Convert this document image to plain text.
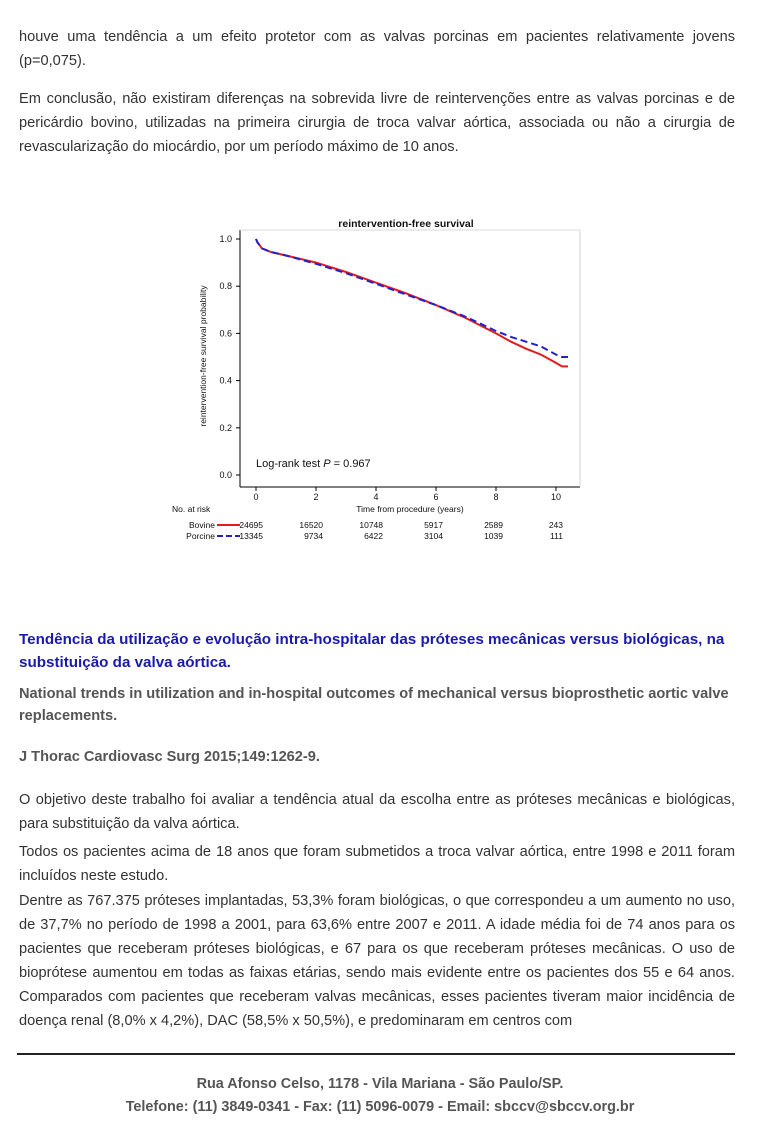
houve uma tendência a um efeito protetor com as valvas porcinas em pacientes relativamente jovens (p=0,075).

Em conclusão, não existiram diferenças na sobrevida livre de reintervenções entre as valvas porcinas e de pericárdio bovino, utilizadas na primeira cirurgia de troca valvar aórtica, associada ou não a cirurgia de revascularização do miocárdio, por um período máximo de 10 anos.

reintervention-free survival
0.0
0.2
0.4
0.6
0.8
1.0
0	2	4	6	8	10
reintervention-free survival probability
Time from procedure (years)
Log-rank test P = 0.967
No. at risk
Bovine	24695	16520	10748	5917	2589	243
Porcine	13345	9734	6422	3104	1039	111

Tendência da utilização e evolução intra-hospitalar das próteses mecânicas versus biológicas, na substituição da valva aórtica.

National trends in utilization and in-hospital outcomes of mechanical versus bioprosthetic aortic valve replacements.

J Thorac Cardiovasc Surg 2015;149:1262-9.

O objetivo deste trabalho foi avaliar a tendência atual da escolha entre as próteses mecânicas e biológicas, para substituição da valva aórtica.

Todos os pacientes acima de 18 anos que foram submetidos a troca valvar aórtica, entre 1998 e 2011 foram incluídos neste estudo.

Dentre as 767.375 próteses implantadas, 53,3% foram biológicas, o que correspondeu a um aumento no uso, de 37,7% no período de 1998 a 2001, para 63,6% entre 2007 e 2011. A idade média foi de 74 anos para os pacientes que receberam próteses biológicas, e 67 para os que receberam próteses mecânicas. O uso de bioprótese aumentou em todas as faixas etárias, sendo mais evidente entre os pacientes dos 55 e 64 anos. Comparados com pacientes que receberam valvas mecânicas, esses pacientes tiveram maior incidência de doença renal (8,0% x 4,2%), DAC (58,5% x 50,5%), e predominaram em centros com

Rua Afonso Celso, 1178 - Vila Mariana - São Paulo/SP.

Telefone: (11) 3849-0341 - Fax: (11) 5096-0079 - Email: sbccv@sbccv.org.br
